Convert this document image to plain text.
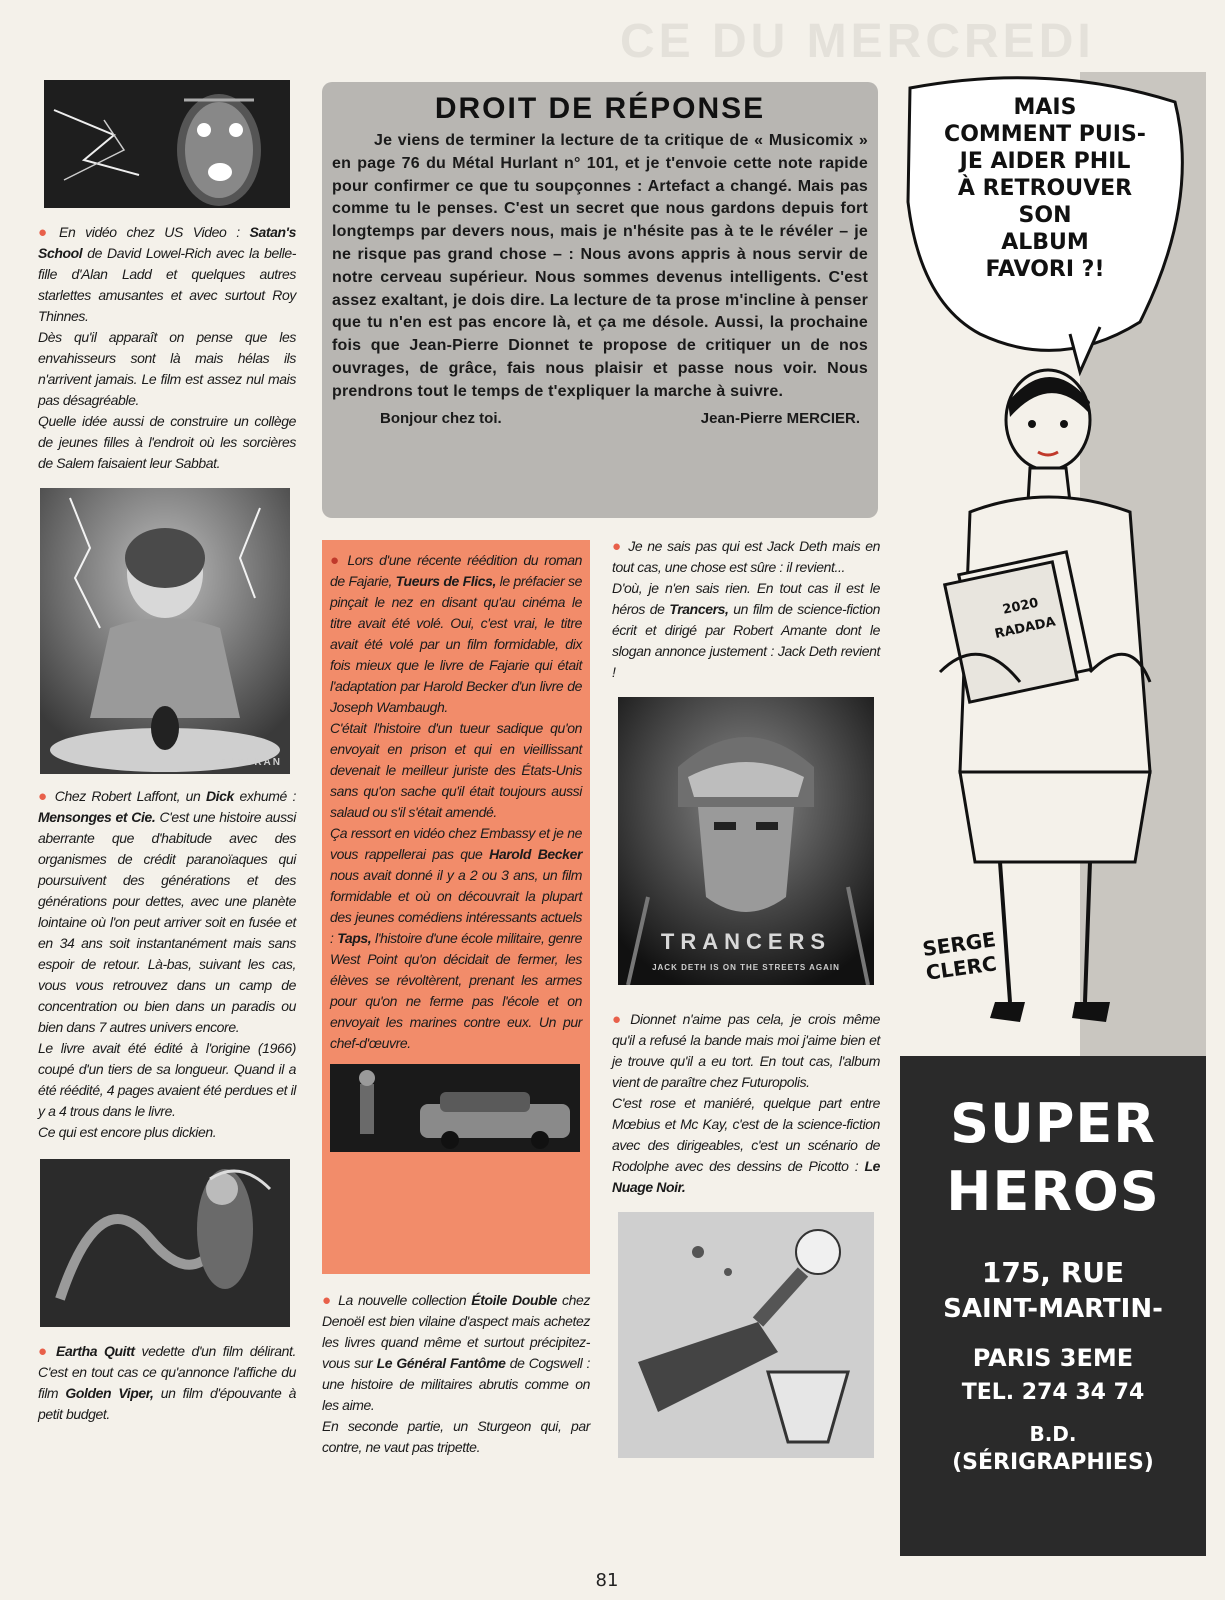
CE DU MERCREDI

● En vidéo chez US Video : Satan's School de David Lowel-Rich avec la belle-fille d'Alan Ladd et quelques autres starlettes amusantes et avec surtout Roy Thinnes.

Dès qu'il apparaît on pense que les envahisseurs sont là mais hélas ils n'arrivent jamais. Le film est assez nul mais pas désagréable.

Quelle idée aussi de construire un collège de jeunes filles à l'endroit où les sorcières de Salem faisaient leur Sabbat.

FUTURAN

● Chez Robert Laffont, un Dick exhumé : Mensonges et Cie. C'est une histoire aussi aberrante que d'habitude avec des organismes de crédit paranoïaques qui poursuivent des générations et des générations pour dettes, avec une planète lointaine où l'on peut arriver soit en fusée et en 34 ans soit instantanément mais sans espoir de retour. Là-bas, suivant les cas, vous vous retrouvez dans un camp de concentration ou bien dans un paradis ou bien dans 7 autres univers encore.

Le livre avait été édité à l'origine (1966) coupé d'un tiers de sa longueur. Quand il a été réédité, 4 pages avaient été perdues et il y a 4 trous dans le livre.

Ce qui est encore plus dickien.

● Eartha Quitt vedette d'un film délirant. C'est en tout cas ce qu'annonce l'affiche du film Golden Viper, un film d'épouvante à petit budget.

DROIT DE RÉPONSE
Je viens de terminer la lecture de ta critique de « Musicomix » en page 76 du Métal Hurlant n° 101, et je t'envoie cette note rapide pour confirmer ce que tu soupçonnes : Artefact a changé. Mais pas comme tu le penses. C'est un secret que nous gardons depuis fort longtemps par devers nous, mais je n'hésite pas à te le révéler – je ne risque pas grand chose – : Nous avons appris à nous servir de notre cerveau supérieur. Nous sommes devenus intelligents. C'est assez exaltant, je dois dire. La lecture de ta prose m'incline à penser que tu n'en est pas encore là, et ça me désole. Aussi, la prochaine fois que Jean-Pierre Dionnet te propose de critiquer un de nos ouvrages, de grâce, fais nous plaisir et passe nous voir. Nous prendrons tout le temps de t'expliquer la marche à suivre.
Bonjour chez toi.	Jean-Pierre MERCIER.

● Lors d'une récente réédition du roman de Fajarie, Tueurs de Flics, le préfacier se pinçait le nez en disant qu'au cinéma le titre avait été volé. Oui, c'est vrai, le titre avait été volé par un film formidable, dix fois mieux que le livre de Fajarie qui était l'adaptation par Harold Becker d'un livre de Joseph Wambaugh.

C'était l'histoire d'un tueur sadique qu'on envoyait en prison et qui en vieillissant devenait le meilleur juriste des États-Unis sans qu'on sache qu'il était toujours aussi salaud ou s'il s'était amendé.

Ça ressort en vidéo chez Embassy et je ne vous rappellerai pas que Harold Becker nous avait donné il y a 2 ou 3 ans, un film formidable et où on découvrait la plupart des jeunes comédiens intéressants actuels : Taps, l'histoire d'une école militaire, genre West Point qu'on décidait de fermer, les élèves se révoltèrent, prenant les armes pour qu'on ne ferme pas l'école et on envoyait les marines contre eux. Un pur chef-d'œuvre.

● La nouvelle collection Étoile Double chez Denoël est bien vilaine d'aspect mais achetez les livres quand même et surtout précipitez-vous sur Le Général Fantôme de Cogswell : une histoire de militaires abrutis comme on les aime.

En seconde partie, un Sturgeon qui, par contre, ne vaut pas tripette.

● Je ne sais pas qui est Jack Deth mais en tout cas, une chose est sûre : il revient...

D'où, je n'en sais rien. En tout cas il est le héros de Trancers, un film de science-fiction écrit et dirigé par Robert Amante dont le slogan annonce justement : Jack Deth revient !

TRANCERS
JACK DETH IS ON THE STREETS AGAIN

● Dionnet n'aime pas cela, je crois même qu'il a refusé la bande mais moi j'aime bien et je trouve qu'il a eu tort. En tout cas, l'album vient de paraître chez Futuropolis.

C'est rose et maniéré, quelque part entre Mœbius et Mc Kay, c'est de la science-fiction avec des dirigeables, c'est un scénario de Rodolphe avec des dessins de Picotto : Le Nuage Noir.

MAIS
COMMENT PUIS-
JE AIDER PHIL
À RETROUVER
SON
ALBUM
FAVORI ?!
2020
RADADA
SERGE
CLERC
SUPER
HEROS
175, RUE
SAINT-MARTIN-
PARIS 3EME
TEL. 274 34 74
B.D.
(SÉRIGRAPHIES)
81
